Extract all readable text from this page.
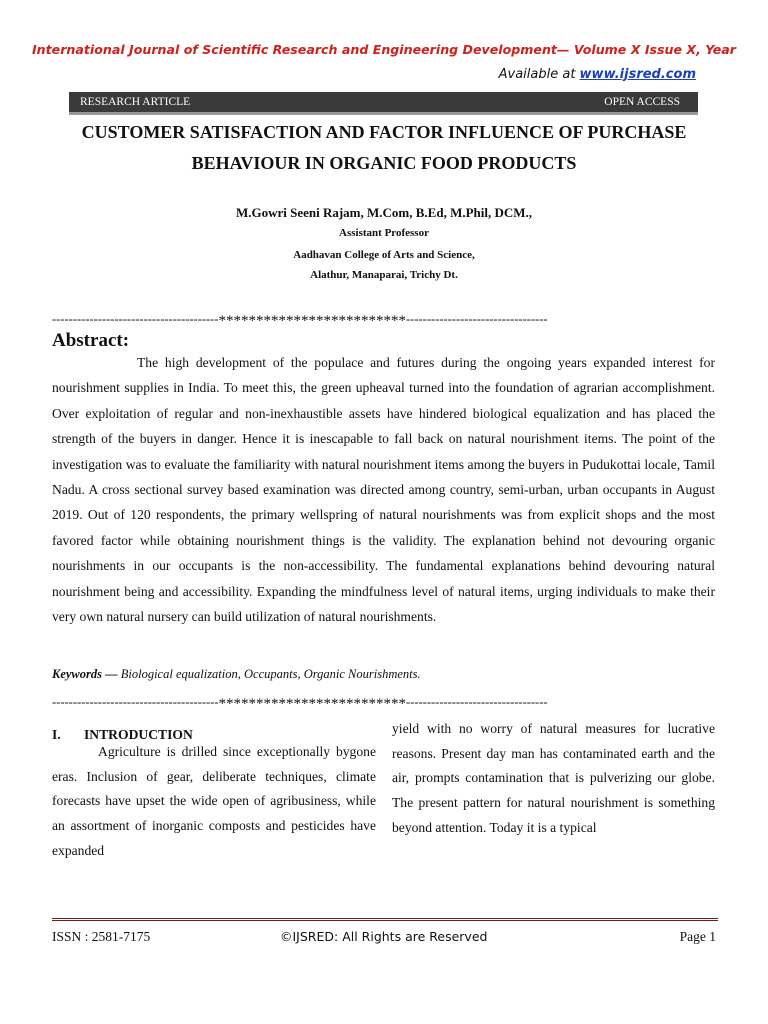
International Journal of Scientific Research and Engineering Development— Volume X Issue X, Year
Available at www.ijsred.com
RESEARCH ARTICLE	OPEN ACCESS
CUSTOMER SATISFACTION AND FACTOR INFLUENCE OF PURCHASE BEHAVIOUR IN ORGANIC FOOD PRODUCTS
M.Gowri Seeni Rajam, M.Com, B.Ed, M.Phil, DCM.,
Assistant Professor
Aadhavan College of Arts and Science,
Alathur, Manaparai, Trichy Dt.
----------------------------------------*************************----------------------------------
Abstract:

The high development of the populace and futures during the ongoing years expanded interest for nourishment supplies in India. To meet this, the green upheaval turned into the foundation of agrarian accomplishment. Over exploitation of regular and non-inexhaustible assets have hindered biological equalization and has placed the strength of the buyers in danger. Hence it is inescapable to fall back on natural nourishment items. The point of the investigation was to evaluate the familiarity with natural nourishment items among the buyers in Pudukottai locale, Tamil Nadu. A cross sectional survey based examination was directed among country, semi-urban, urban occupants in August 2019. Out of 120 respondents, the primary wellspring of natural nourishments was from explicit shops and the most favored factor while obtaining nourishment things is the validity. The explanation behind not devouring organic nourishments in our occupants is the non-accessibility. The fundamental explanations behind devouring natural nourishment being and accessibility. Expanding the mindfulness level of natural items, urging individuals to make their very own natural nursery can build utilization of natural nourishments.

Keywords — Biological equalization, Occupants, Organic Nourishments.
----------------------------------------*************************----------------------------------
I. INTRODUCTION

Agriculture is drilled since exceptionally bygone eras. Inclusion of gear, deliberate techniques, climate forecasts have upset the wide open of agribusiness, while an assortment of inorganic composts and pesticides have expanded

yield with no worry of natural measures for lucrative reasons. Present day man has contaminated earth and the air, prompts contamination that is pulverizing our globe. The present pattern for natural nourishment is something beyond attention. Today it is a typical

ISSN : 2581-7175	©IJSRED: All Rights are Reserved	Page 1
